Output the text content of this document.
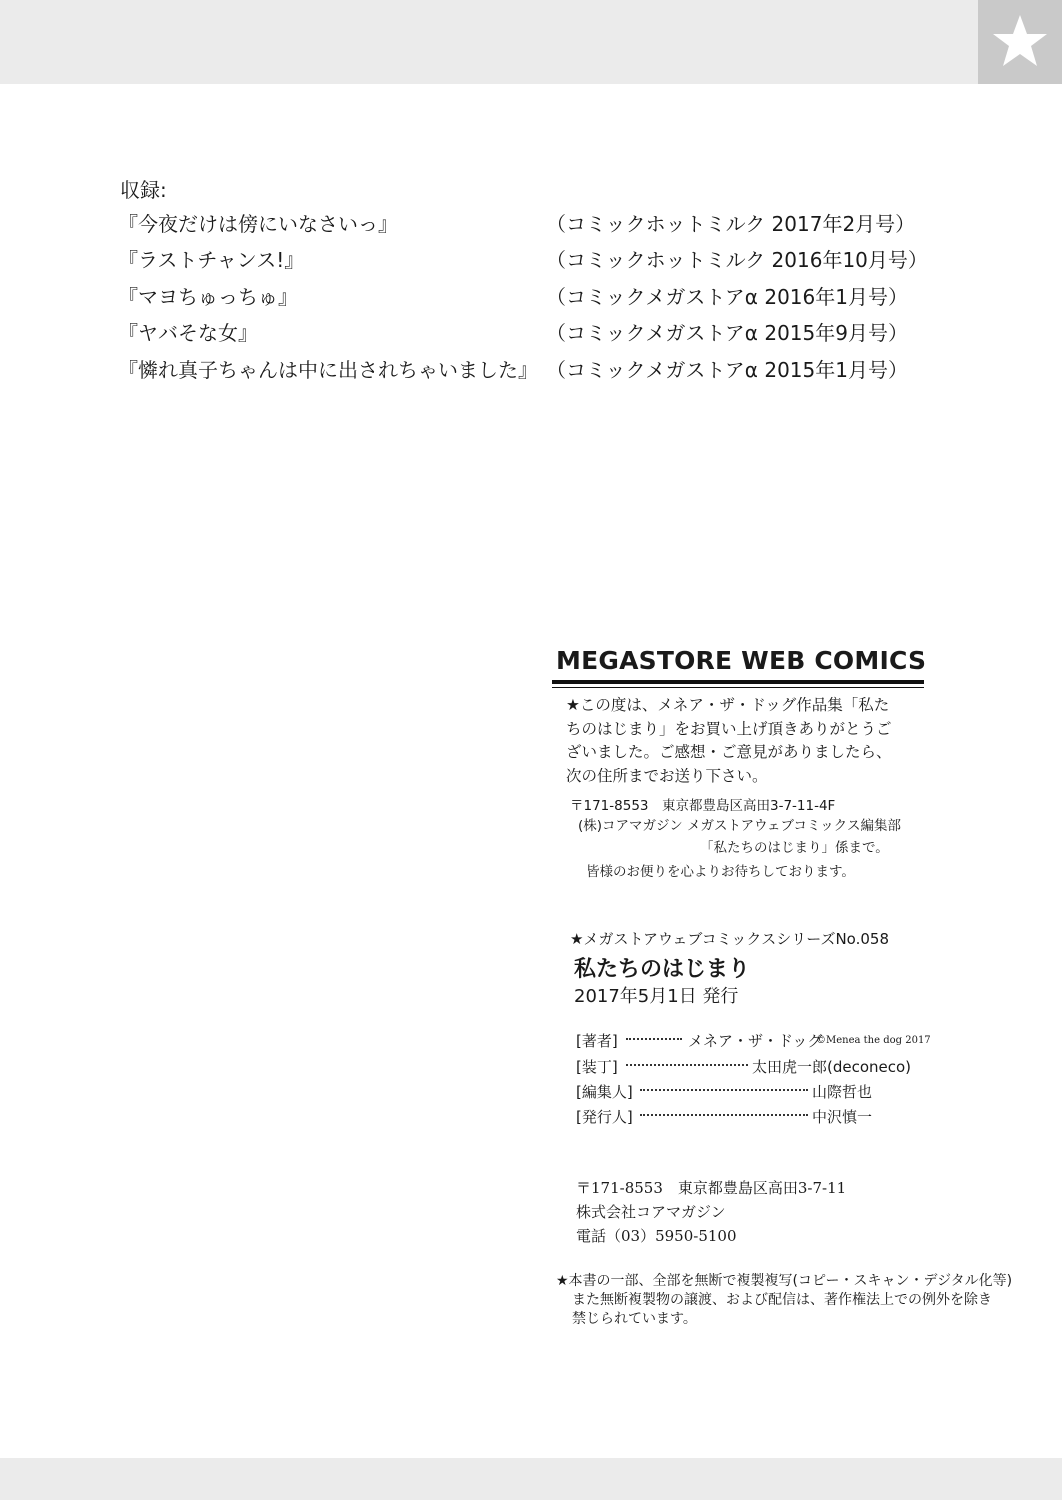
収録:
『今夜だけは傍にいなさいっ』	（コミックホットミルク 2017年2月号）
『ラストチャンス!』	（コミックホットミルク 2016年10月号）
『マヨちゅっちゅ』	（コミックメガストアα 2016年1月号）
『ヤバそな女』	（コミックメガストアα 2015年9月号）
『憐れ真子ちゃんは中に出されちゃいました』 （コミックメガストアα 2015年1月号）
MEGASTORE WEB COMICS
★この度は、メネア・ザ・ドッグ作品集「私た
ちのはじまり」をお買い上げ頂きありがとうご
ざいました。ご感想・ご意見がありましたら、
次の住所までお送り下さい。
〒171-8553　東京都豊島区高田3-7-11-4F
(株)コアマガジン メガストアウェブコミックス編集部
「私たちのはじまり」係まで。
皆様のお便りを心よりお待ちしております。
★メガストアウェブコミックスシリーズNo.058
私たちのはじまり
2017年5月1日 発行
[著者]	メネア・ザ・ドッグ
©Menea the dog 2017
[装丁]	太田虎一郎(deconeco)
[編集人]	山際哲也
[発行人]	中沢慎一
〒171-8553　東京都豊島区高田3-7-11
株式会社コアマガジン
電話（03）5950-5100
★本書の一部、全部を無断で複製複写(コピー・スキャン・デジタル化等)
また無断複製物の譲渡、および配信は、著作権法上での例外を除き
禁じられています。
